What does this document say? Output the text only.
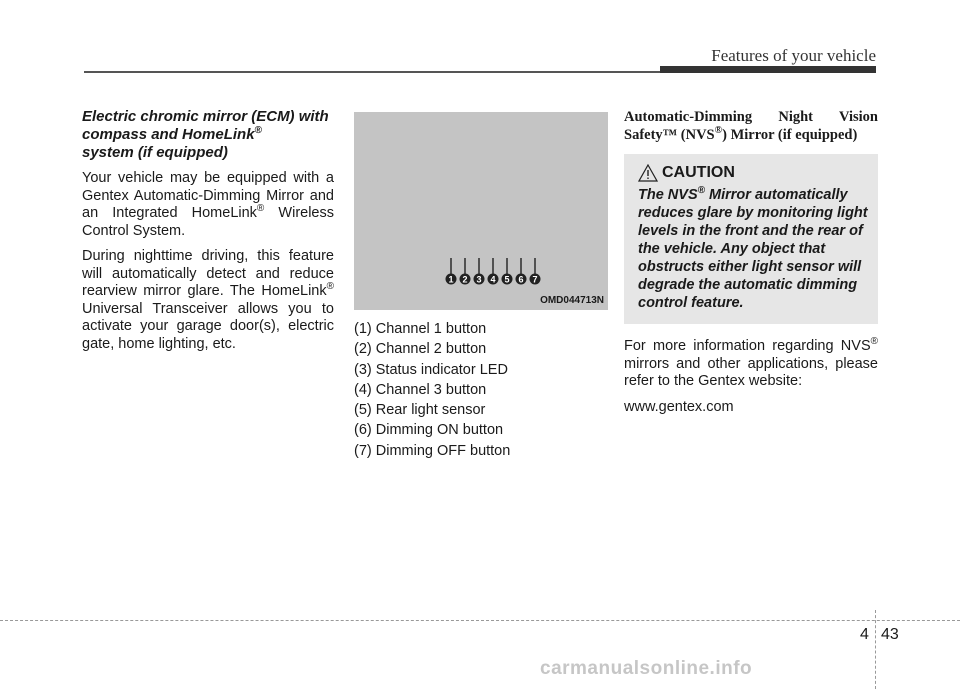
Features of your vehicle
Electric chromic mirror (ECM) with compass and HomeLink®
system (if equipped)

Your vehicle may be equipped with a Gentex Automatic-Dimming Mirror and an Integrated HomeLink® Wireless Control System.

During nighttime driving, this feature will automatically detect and reduce rearview mirror glare. The HomeLink® Universal Transceiver allows you to activate your garage door(s), electric gate, home lighting, etc.

1 2 3 4 5 6 7
OMD044713N
(1) Channel 1 button
(2) Channel 2 button
(3) Status indicator LED
(4) Channel 3 button
(5) Rear light sensor
(6) Dimming ON button
(7) Dimming OFF button
Automatic-Dimming Night Vision Safety™ (NVS®) Mirror (if equipped)
CAUTION
The NVS® Mirror automatically reduces glare by monitoring light levels in the front and the rear of the vehicle. Any object that obstructs either light sensor will degrade the automatic dimming control feature.

For more information regarding NVS® mirrors and other applications, please refer to the Gentex website:

www.gentex.com

4 43
carmanualsonline.info
